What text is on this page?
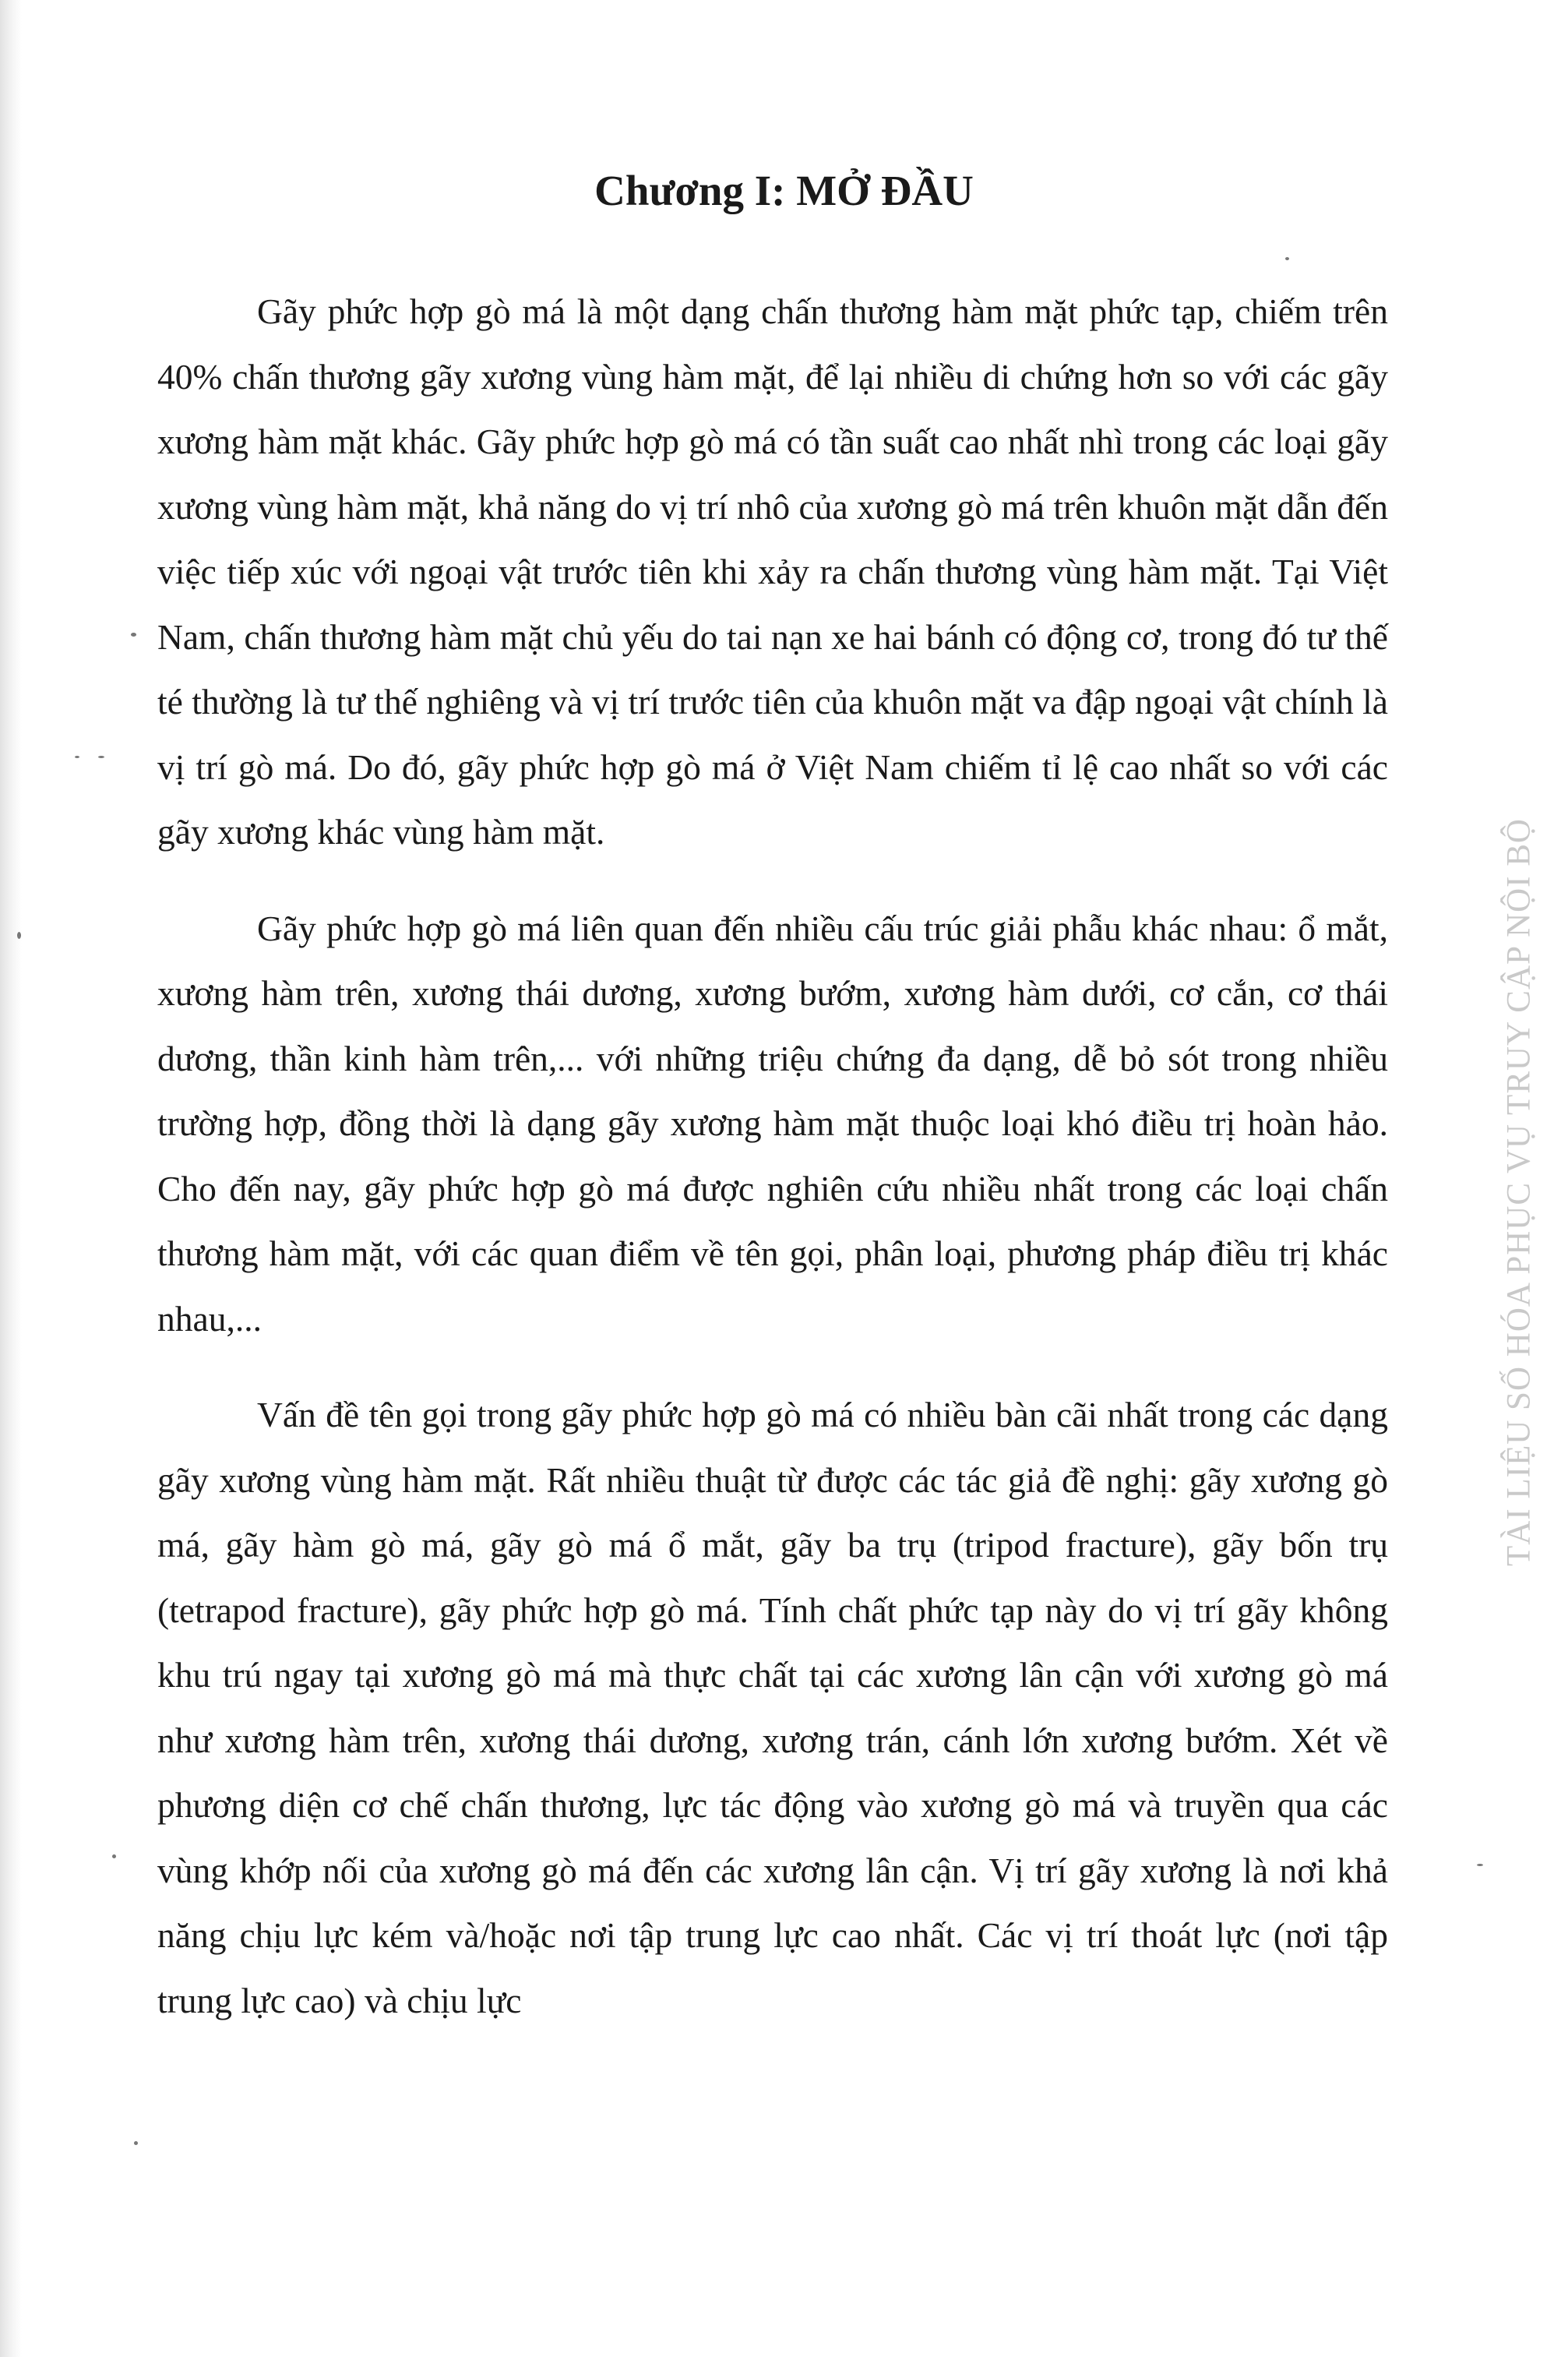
Chương I: MỞ ĐẦU

Gãy phức hợp gò má là một dạng chấn thương hàm mặt phức tạp, chiếm trên 40% chấn thương gãy xương vùng hàm mặt, để lại nhiều di chứng hơn so với các gãy xương hàm mặt khác. Gãy phức hợp gò má có tần suất cao nhất nhì trong các loại gãy xương vùng hàm mặt, khả năng do vị trí nhô của xương gò má trên khuôn mặt dẫn đến việc tiếp xúc với ngoại vật trước tiên khi xảy ra chấn thương vùng hàm mặt. Tại Việt Nam, chấn thương hàm mặt chủ yếu do tai nạn xe hai bánh có động cơ, trong đó tư thế té thường là tư thế nghiêng và vị trí trước tiên của khuôn mặt va đập ngoại vật chính là vị trí gò má. Do đó, gãy phức hợp gò má ở Việt Nam chiếm tỉ lệ cao nhất so với các gãy xương khác vùng hàm mặt.

Gãy phức hợp gò má liên quan đến nhiều cấu trúc giải phẫu khác nhau: ổ mắt, xương hàm trên, xương thái dương, xương bướm, xương hàm dưới, cơ cắn, cơ thái dương, thần kinh hàm trên,... với những triệu chứng đa dạng, dễ bỏ sót trong nhiều trường hợp, đồng thời là dạng gãy xương hàm mặt thuộc loại khó điều trị hoàn hảo. Cho đến nay, gãy phức hợp gò má được nghiên cứu nhiều nhất trong các loại chấn thương hàm mặt, với các quan điểm về tên gọi, phân loại, phương pháp điều trị khác nhau,...

Vấn đề tên gọi trong gãy phức hợp gò má có nhiều bàn cãi nhất trong các dạng gãy xương vùng hàm mặt. Rất nhiều thuật từ được các tác giả đề nghị: gãy xương gò má, gãy hàm gò má, gãy gò má ổ mắt, gãy ba trụ (tripod fracture), gãy bốn trụ (tetrapod fracture), gãy phức hợp gò má. Tính chất phức tạp này do vị trí gãy không khu trú ngay tại xương gò má mà thực chất tại các xương lân cận với xương gò má như xương hàm trên, xương thái dương, xương trán, cánh lớn xương bướm. Xét về phương diện cơ chế chấn thương, lực tác động vào xương gò má và truyền qua các vùng khớp nối của xương gò má đến các xương lân cận. Vị trí gãy xương là nơi khả năng chịu lực kém và/hoặc nơi tập trung lực cao nhất. Các vị trí thoát lực (nơi tập trung lực cao) và chịu lực

TÀI LIỆU SỐ HÓA PHỤC VỤ TRUY CẬP NỘI BỘ
